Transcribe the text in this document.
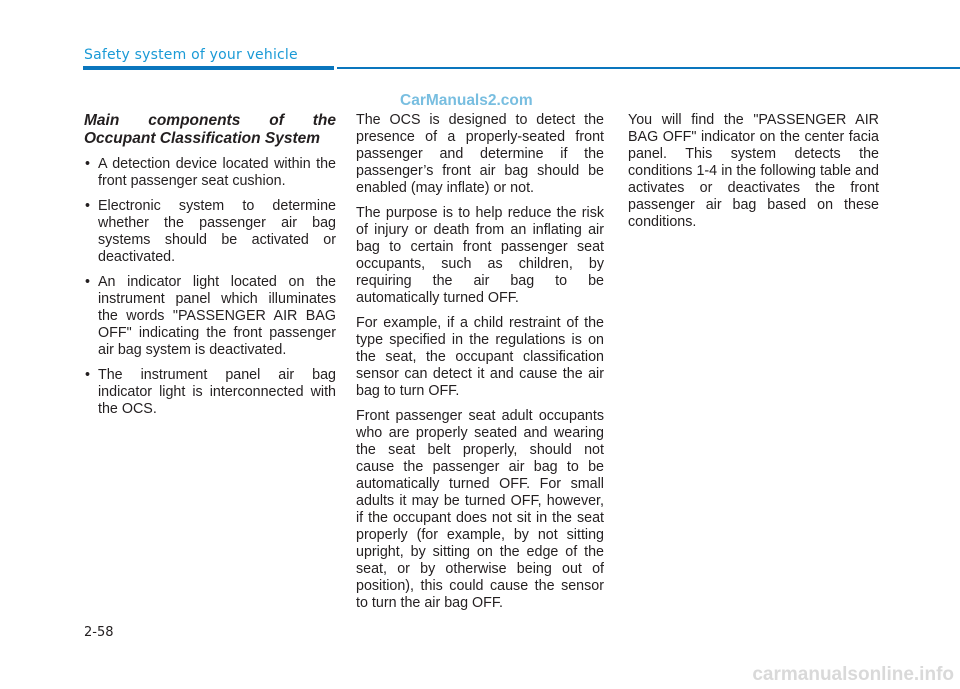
Safety system of your vehicle
CarManuals2.com

Main components of the Occupant Classification System

• A detection device located within the front passenger seat cushion.
• Electronic system to determine whether the passenger air bag systems should be activated or deactivated.
• An indicator light located on the instrument panel which illuminates the words "PASSENGER AIR BAG OFF" indicating the front passenger air bag system is deactivated.
• The instrument panel air bag indicator light is interconnected with the OCS.

The OCS is designed to detect the presence of a properly-seated front passenger and determine if the passenger’s front air bag should be enabled (may inflate) or not.

The purpose is to help reduce the risk of injury or death from an inflating air bag to certain front passenger seat occupants, such as children, by requiring the air bag to be automatically turned OFF.

For example, if a child restraint of the type specified in the regulations is on the seat, the occupant classification sensor can detect it and cause the air bag to turn OFF.

Front passenger seat adult occupants who are properly seated and wearing the seat belt properly, should not cause the passenger air bag to be automatically turned OFF. For small adults it may be turned OFF, however, if the occupant does not sit in the seat properly (for example, by not sitting upright, by sitting on the edge of the seat, or by otherwise being out of position), this could cause the sensor to turn the air bag OFF.

You will find the "PASSENGER AIR BAG OFF" indicator on the center facia panel. This system detects the conditions 1-4 in the following table and activates or deactivates the front passenger air bag based on these conditions.

2-58
carmanualsonline.info
